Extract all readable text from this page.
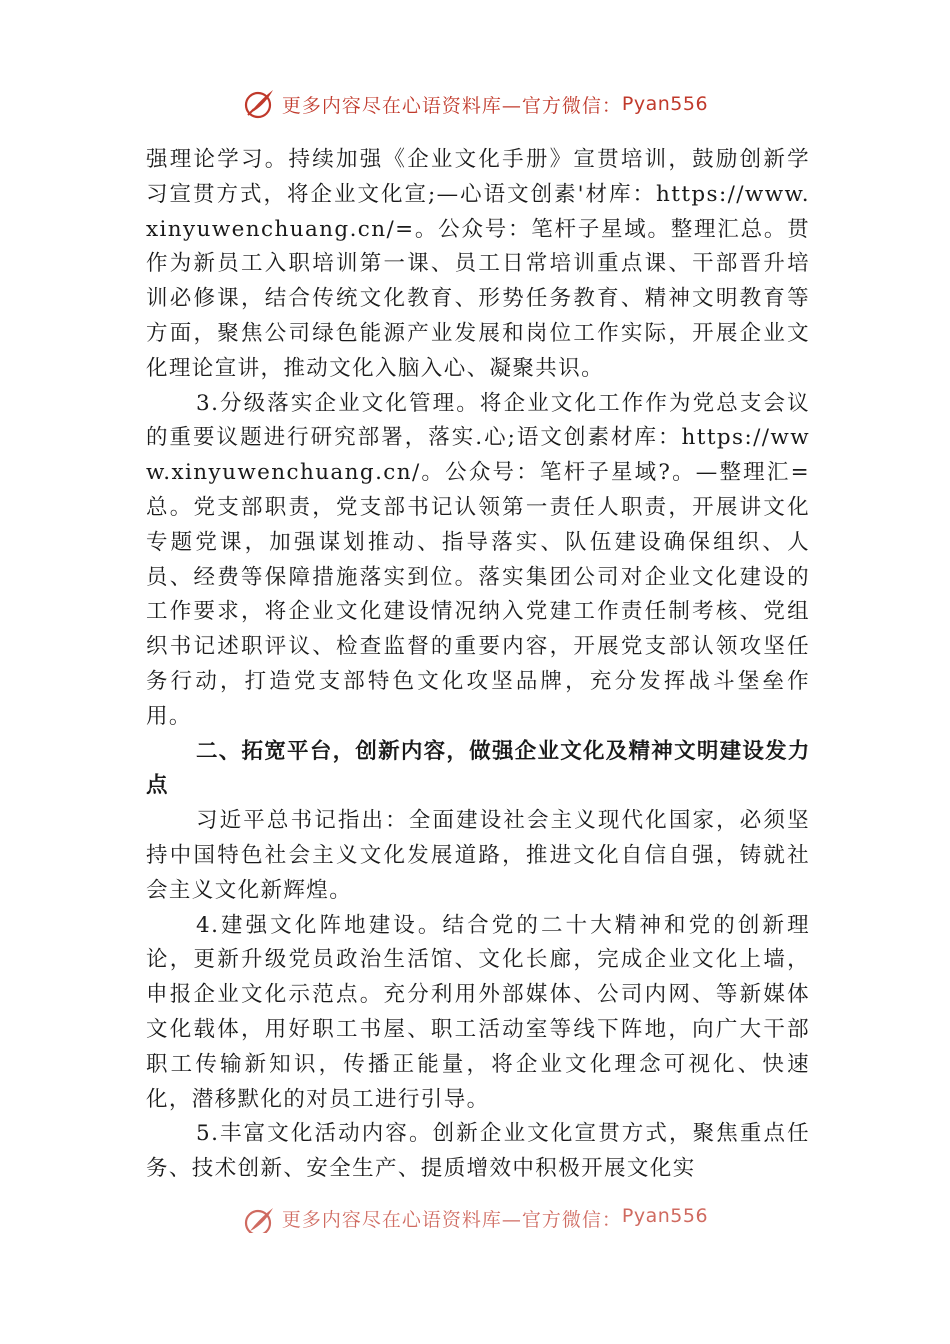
更多内容尽在心语资料库—官方微信： Pyan556

强理论学习。持续加强《企业文化手册》宣贯培训，鼓励创新学习宣贯方式，将企业文化宣;—心语文创素'材库：https://www.xinyuwenchuang.cn/=。公众号：笔杆子星域。整理汇总。贯作为新员工入职培训第一课、员工日常培训重点课、干部晋升培训必修课，结合传统文化教育、形势任务教育、精神文明教育等方面，聚焦公司绿色能源产业发展和岗位工作实际，开展企业文化理论宣讲，推动文化入脑入心、凝聚共识。

3.分级落实企业文化管理。将企业文化工作作为党总支会议的重要议题进行研究部署，落实.心;语文创素材库：https://www.xinyuwenchuang.cn/。公众号：笔杆子星域?。—整理汇=总。党支部职责，党支部书记认领第一责任人职责，开展讲文化专题党课，加强谋划推动、指导落实、队伍建设确保组织、人员、经费等保障措施落实到位。落实集团公司对企业文化建设的工作要求，将企业文化建设情况纳入党建工作责任制考核、党组织书记述职评议、检查监督的重要内容，开展党支部认领攻坚任务行动，打造党支部特色文化攻坚品牌，充分发挥战斗堡垒作用。

二、拓宽平台，创新内容，做强企业文化及精神文明建设发力点

习近平总书记指出：全面建设社会主义现代化国家，必须坚持中国特色社会主义文化发展道路，推进文化自信自强，铸就社会主义文化新辉煌。

4.建强文化阵地建设。结合党的二十大精神和党的创新理论，更新升级党员政治生活馆、文化长廊，完成企业文化上墙，申报企业文化示范点。充分利用外部媒体、公司内网、等新媒体文化载体，用好职工书屋、职工活动室等线下阵地，向广大干部职工传输新知识，传播正能量，将企业文化理念可视化、快速化，潜移默化的对员工进行引导。

5.丰富文化活动内容。创新企业文化宣贯方式，聚焦重点任务、技术创新、安全生产、提质增效中积极开展文化实

更多内容尽在心语资料库—官方微信： Pyan556
